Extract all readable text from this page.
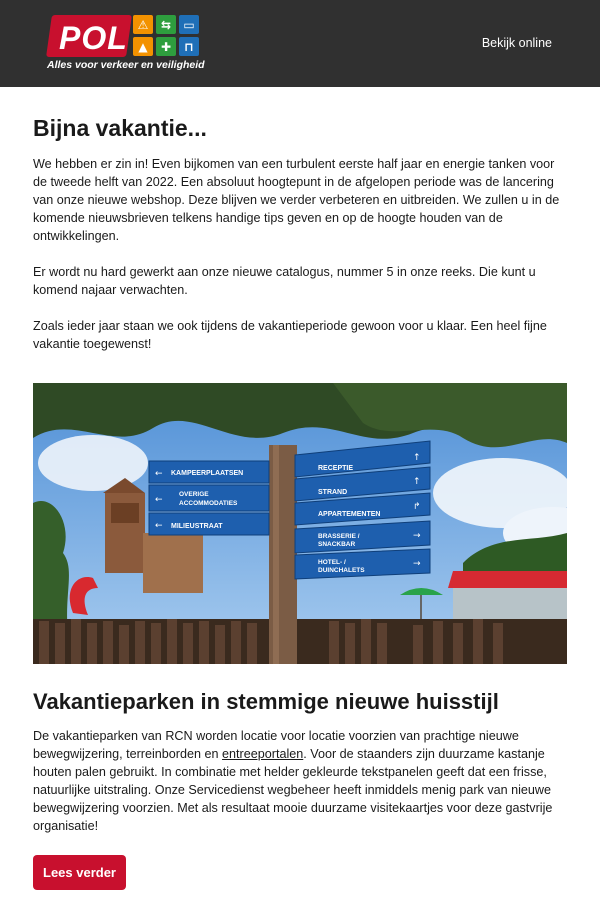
POL ⚠	⇆	▭
▲	✚	⊓
Alles voor verkeer en veiligheid
Bekijk online
Bijna vakantie...

We hebben er zin in! Even bijkomen van een turbulent eerste half jaar en energie tanken voor de tweede helft van 2022. Een absoluut hoogtepunt in de afgelopen periode was de lancering van onze nieuwe webshop. Deze blijven we verder verbeteren en uitbreiden. We zullen u in de komende nieuwsbrieven telkens handige tips geven en op de hoogte houden van de ontwikkelingen.

Er wordt nu hard gewerkt aan onze nieuwe catalogus, nummer 5 in onze reeks. Die kunt u komend najaar verwachten.

Zoals ieder jaar staan we ook tijdens de vakantieperiode gewoon voor u klaar. Een heel fijne vakantie toegewenst!

←
←
←
KAMPEERPLAATSEN
OVERIGE
ACCOMMODATIES
MILIEUSTRAAT
RECEPTIE
STRAND
APPARTEMENTEN
BRASSERIE /
SNACKBAR
HOTEL- /
DUINCHALETS
↑
↑
↱
→
→
Vakantieparken in stemmige nieuwe huisstijl

De vakantieparken van RCN worden locatie voor locatie voorzien van prachtige nieuwe bewegwijzering, terreinborden en entreeportalen. Voor de staanders zijn duurzame kastanje houten palen gebruikt. In combinatie met helder gekleurde tekstpanelen geeft dat een frisse, natuurlijke uitstraling. Onze Servicedienst wegbeheer heeft inmiddels menig park van nieuwe bewegwijzering voorzien. Met als resultaat mooie duurzame visitekaartjes voor deze gastvrije organisatie!

Lees verder
